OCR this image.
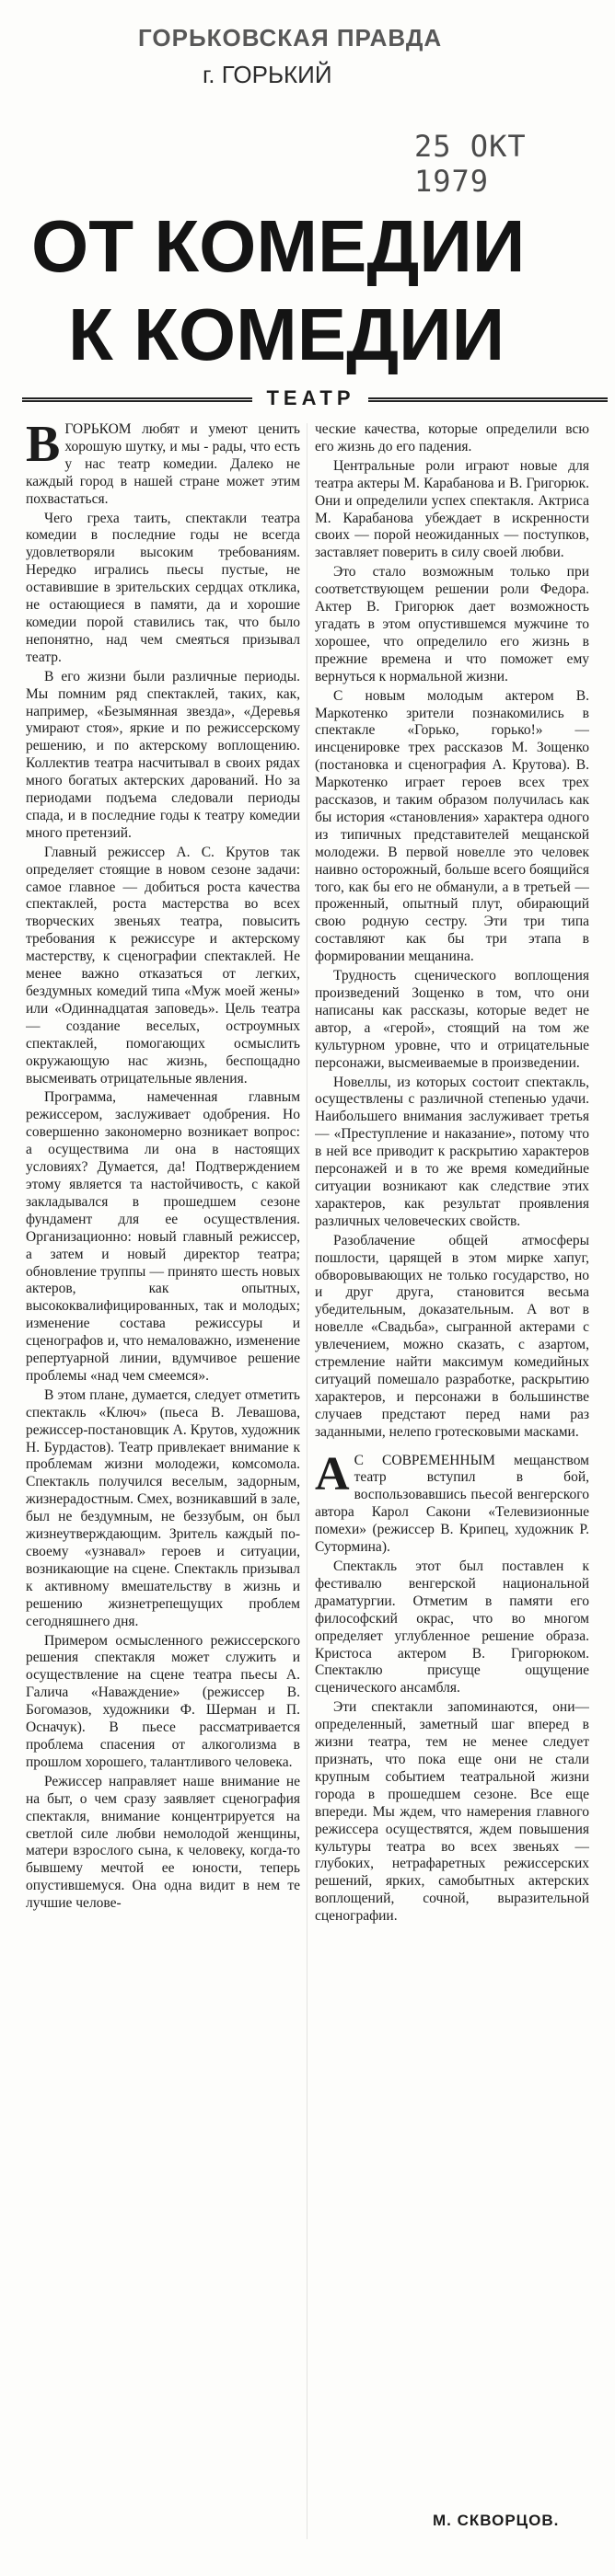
ГОРЬКОВСКАЯ ПРАВДА
г. ГОРЬКИЙ
25 ОКТ 1979
ОТ КОМЕДИИ
К КОМЕДИИ
ТЕАТР

ВГОРЬКОМ любят и умеют ценить хорошую шутку, и мы - рады, что есть у нас театр комедии. Далеко не каждый город в нашей стране может этим похвастаться.

Чего греха таить, спектакли театра комедии в последние годы не всегда удовлетворяли высоким требованиям. Нередко игрались пьесы пустые, не оставившие в зрительских сердцах отклика, не остающиеся в памяти, да и хорошие комедии порой ставились так, что было непонятно, над чем смеяться призывал театр.

В его жизни были различные периоды. Мы помним ряд спектаклей, таких, как, например, «Безымянная звезда», «Деревья умирают стоя», яркие и по режиссерскому решению, и по актерскому воплощению. Коллектив театра насчитывал в своих рядах много богатых актерских дарований. Но за периодами подъема следовали периоды спада, и в последние годы к театру комедии много претензий.

Главный режиссер А. С. Крутов так определяет стоящие в новом сезоне задачи: самое главное — добиться роста качества спектаклей, роста мастерства во всех творческих звеньях театра, повысить требования к режиссуре и актерскому мастерству, к сценографии спектаклей. Не менее важно отказаться от легких, бездумных комедий типа «Муж моей жены» или «Одиннадцатая заповедь». Цель театра — создание веселых, остроумных спектаклей, помогающих осмыслить окружающую нас жизнь, беспощадно высмеивать отрицательные явления.

Программа, намеченная главным режиссером, заслуживает одобрения. Но совершенно закономерно возникает вопрос: а осуществима ли она в настоящих условиях? Думается, да! Подтверждением этому является та настойчивость, с какой закладывался в прошедшем сезоне фундамент для ее осуществления. Организационно: новый главный режиссер, а затем и новый директор театра; обновление труппы — принято шесть новых актеров, как опытных, высококвалифицированных, так и молодых; изменение состава режиссуры и сценографов и, что немаловажно, изменение репертуарной линии, вдумчивое решение проблемы «над чем смеемся».

В этом плане, думается, следует отметить спектакль «Ключ» (пьеса В. Левашова, режиссер-постановщик А. Крутов, художник Н. Бурдастов). Театр привлекает внимание к проблемам жизни молодежи, комсомола. Спектакль получился веселым, задорным, жизнерадостным. Смех, возникавший в зале, был не бездумным, не беззубым, он был жизнеутверждающим. Зритель каждый по-своему «узнавал» героев и ситуации, возникающие на сцене. Спектакль призывал к активному вмешательству в жизнь и решению жизнетрепещущих проблем сегодняшнего дня.

Примером осмысленного режиссерского решения спектакля может служить и осуществление на сцене театра пьесы А. Галича «Наваждение» (режиссер В. Богомазов, художники Ф. Шерман и П. Осначук). В пьесе рассматривается проблема спасения от алкоголизма в прошлом хорошего, талантливого человека.

Режиссер направляет наше внимание не на быт, о чем сразу заявляет сценография спектакля, внимание концентрируется на светлой силе любви немолодой женщины, матери взрослого сына, к человеку, когда-то бывшему мечтой ее юности, теперь опустившемуся. Она одна видит в нем те лучшие челове-

ческие качества, которые определили всю его жизнь до его падения.

Центральные роли играют новые для театра актеры М. Карабанова и В. Григорюк. Они и определили успех спектакля. Актриса М. Карабанова убеждает в искренности своих — порой неожиданных — поступков, заставляет поверить в силу своей любви.

Это стало возможным только при соответствующем решении роли Федора. Актер В. Григорюк дает возможность угадать в этом опустившемся мужчине то хорошее, что определило его жизнь в прежние времена и что поможет ему вернуться к нормальной жизни.

С новым молодым актером В. Маркотенко зрители познакомились в спектакле «Горько, горько!» — инсценировке трех рассказов М. Зощенко (постановка и сценография А. Крутова). В. Маркотенко играет героев всех трех рассказов, и таким образом получилась как бы история «становления» характера одного из типичных представителей мещанской молодежи. В первой новелле это человек наивно осторожный, больше всего боящийся того, как бы его не обманули, а в третьей — проженный, опытный плут, обирающий свою родную сестру. Эти три типа составляют как бы три этапа в формировании мещанина.

Трудность сценического воплощения произведений Зощенко в том, что они написаны как рассказы, которые ведет не автор, а «герой», стоящий на том же культурном уровне, что и отрицательные персонажи, высмеиваемые в произведении.

Новеллы, из которых состоит спектакль, осуществлены с различной степенью удачи. Наибольшего внимания заслуживает третья — «Преступление и наказание», потому что в ней все приводит к раскрытию характеров персонажей и в то же время комедийные ситуации возникают как следствие этих характеров, как результат проявления различных человеческих свойств.

Разоблачение общей атмосферы пошлости, царящей в этом мирке хапуг, обворовывающих не только государство, но и друг друга, становится весьма убедительным, доказательным. А вот в новелле «Свадьба», сыгранной актерами с увлечением, можно сказать, с азартом, стремление найти максимум комедийных ситуаций помешало разработке, раскрытию характеров, и персонажи в большинстве случаев предстают перед нами раз заданными, нелепо гротесковыми масками.

А С СОВРЕМЕННЫМ мещанством театр вступил в бой, воспользовавшись пьесой венгерского автора Карол Сакони «Телевизионные помехи» (режиссер В. Крипец, художник Р. Сутормина).

Спектакль этот был поставлен к фестивалю венгерской национальной драматургии. Отметим в памяти его философский окрас, что во многом определяет углубленное решение образа. Кристоса актером В. Григорюком. Спектаклю присуще ощущение сценического ансамбля.

Эти спектакли запоминаются, они—определенный, заметный шаг вперед в жизни театра, тем не менее следует признать, что пока еще они не стали крупным событием театральной жизни города в прошедшем сезоне. Все еще впереди. Мы ждем, что намерения главного режиссера осуществятся, ждем повышения культуры театра во всех звеньях — глубоких, нетрафаретных режиссерских решений, ярких, самобытных актерских воплощений, сочной, выразительной сценографии.

М. СКВОРЦОВ.
